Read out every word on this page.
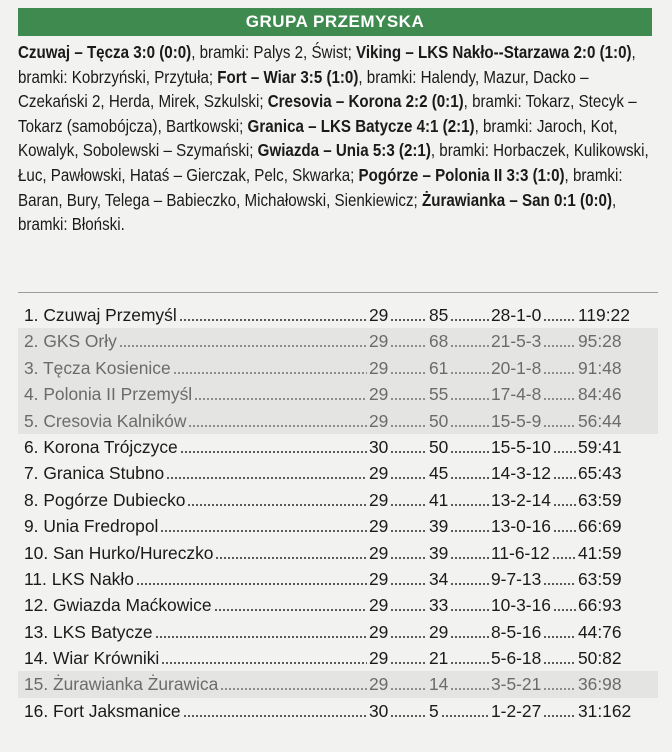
GRUPA PRZEMYSKA
Czuwaj – Tęcza 3:0 (0:0), bramki: Palys 2, Świst; Viking – LKS Nakło--Starzawa 2:0 (1:0), bramki: Kobrzyński, Przytuła; Fort – Wiar 3:5 (1:0), bramki: Halendy, Mazur, Dacko – Czekański 2, Herda, Mirek, Szkulski; Cresovia – Korona 2:2 (0:1), bramki: Tokarz, Stecyk – Tokarz (samobójcza), Bartkowski; Granica – LKS Batycze 4:1 (2:1), bramki: Jaroch, Kot, Kowalyk, Sobolewski – Szymański; Gwiazda – Unia 5:3 (2:1), bramki: Horbaczek, Kulikowski, Łuc, Pawłowski, Hataś – Gierczak, Pelc, Skwarka; Pogórze – Polonia II 3:3 (1:0), bramki: Baran, Bury, Telega – Babieczko, Michałowski, Sienkiewicz; Żurawianka – San 0:1 (0:0), bramki: Błoński.
1. Czuwaj Przemyśl	29 85 28-1-0 119:22
2. GKS Orły	29 68 21-5-3 95:28
3. Tęcza Kosienice	29 61 20-1-8 91:48
4. Polonia II Przemyśl	29 55 17-4-8 84:46
5. Cresovia Kalników	29 50 15-5-9 56:44
6. Korona Trójczyce	30 50 15-5-10 59:41
7. Granica Stubno	29 45 14-3-12 65:43
8. Pogórze Dubiecko	29 41 13-2-14 63:59
9. Unia Fredropol	29 39 13-0-16 66:69
10. San Hurko/Hureczko	29 39 11-6-12 41:59
11. LKS Nakło	29 34 9-7-13 63:59
12. Gwiazda Maćkowice	29 33 10-3-16 66:93
13. LKS Batycze	29 29 8-5-16 44:76
14. Wiar Krówniki	29 21 5-6-18 50:82
15. Żurawianka Żurawica	29 14 3-5-21 36:98
16. Fort Jaksmanice	30 5	1-2-27 31:162
